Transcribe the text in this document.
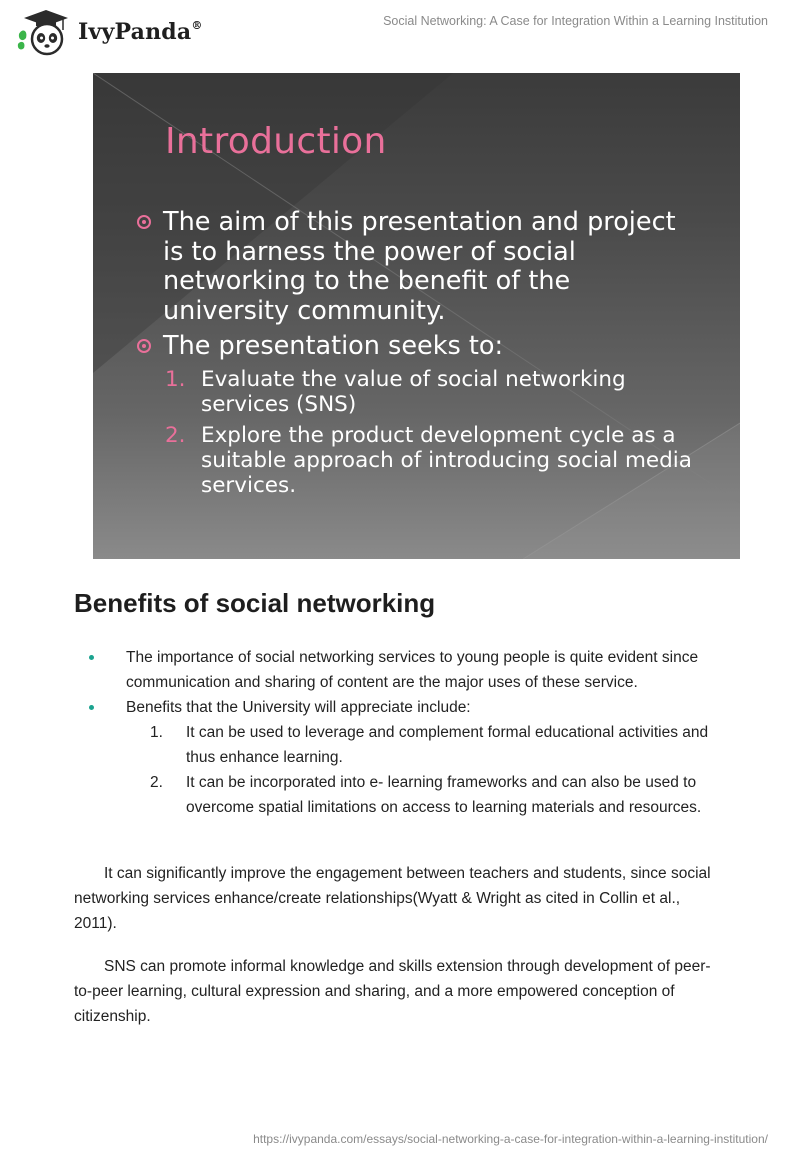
IvyPanda®	Social Networking: A Case for Integration Within a Learning Institution
Introduction
The aim of this presentation and project is to harness the power of social networking to the benefit of the university community.
The presentation seeks to:
1. Evaluate the value of social networking services (SNS)
2. Explore the product development cycle as a suitable approach of introducing social media services.
Benefits of social networking
The importance of social networking services to young people is quite evident since communication and sharing of content are the major uses of these service.
Benefits that the University will appreciate include:
1. It can be used to leverage and complement formal educational activities and thus enhance learning.
2. It can be incorporated into e- learning frameworks and can also be used to overcome spatial limitations on access to learning materials and resources.

It can significantly improve the engagement between teachers and students, since social networking services enhance/create relationships(Wyatt & Wright as cited in Collin et al., 2011).

SNS can promote informal knowledge and skills extension through development of peer-to-peer learning, cultural expression and sharing, and a more empowered conception of citizenship.

https://ivypanda.com/essays/social-networking-a-case-for-integration-within-a-learning-institution/
